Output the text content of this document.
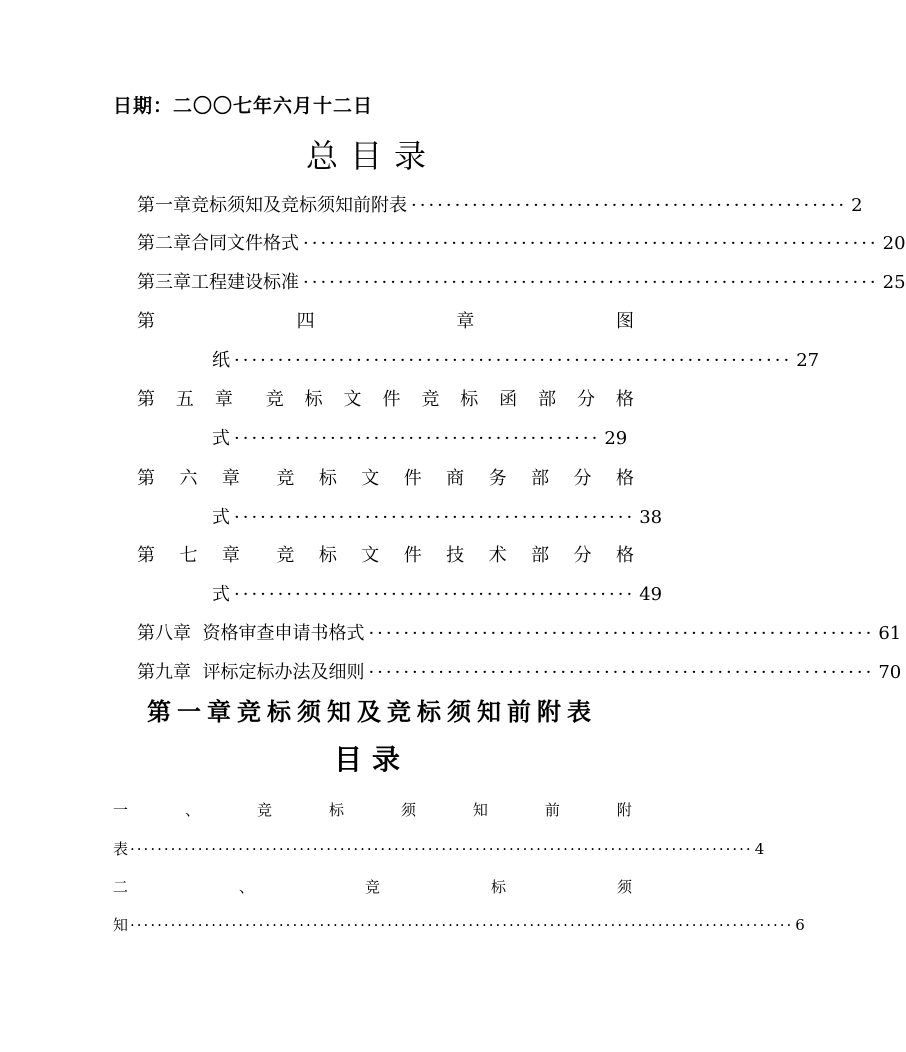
日期：二〇〇七年六月十二日
总目录
第一章竞标须知及竞标须知前附表 ·················································· 2
第二章合同文件格式 ·································································· 20
第三章工程建设标准 ·································································· 25
第	四	章	图
纸 ································································ 27
第 五 章 竞 标 文 件 竞 标 函 部 分 格
式 ·········································· 29
第 六 章 竞 标 文 件 商 务 部 分 格
式 ·············································· 38
第 七 章 竞 标 文 件 技 术 部 分 格
式 ·············································· 49
第八章  资格审查申请书格式 ·························································· 61
第九章  评标定标办法及细则 ·························································· 70
第一章竞标须知及竞标须知前附表
目录
一	、	竞	标	须	知	前	附
表 ···························································································· 4
二	、	竞	标	须
知 ·································································································· 6
